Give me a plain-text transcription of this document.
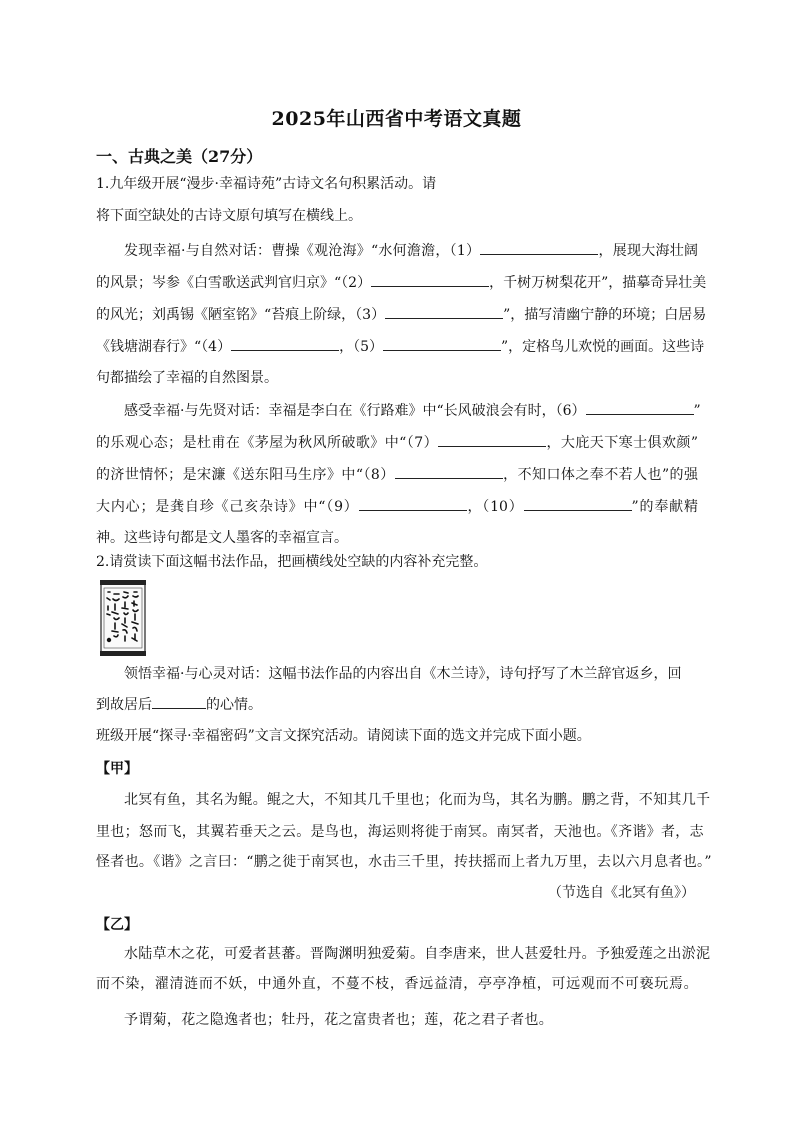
2025年山西省中考语文真题
一、古典之美（27分）
1.九年级开展“漫步·幸福诗苑”古诗文名句积累活动。请
将下面空缺处的古诗文原句填写在横线上。
发现幸福·与自然对话：曹操《观沧海》“水何澹澹，（1）	，展现大海壮阔
的风景；岑参《白雪歌送武判官归京》“（2）	，千树万树梨花开”，描摹奇异壮美
的风光；刘禹锡《陋室铭》“苔痕上阶绿，（3）	”，描写清幽宁静的环境；白居易
《钱塘湖春行》“（4）	，（5）	”，定格鸟儿欢悦的画面。这些诗
句都描绘了幸福的自然图景。
感受幸福·与先贤对话：幸福是李白在《行路难》中“长风破浪会有时，（6）	”
的乐观心态；是杜甫在《茅屋为秋风所破歌》中“（7）	，大庇天下寒士俱欢颜”
的济世情怀；是宋濂《送东阳马生序》中“（8）	，不知口体之奉不若人也”的强
大内心；是龚自珍《己亥杂诗》中“（9）	，（10）	”的奉献精
神。这些诗句都是文人墨客的幸福宣言。
2.请赏读下面这幅书法作品，把画横线处空缺的内容补充完整。
领悟幸福·与心灵对话：这幅书法作品的内容出自《木兰诗》，诗句抒写了木兰辞官返乡，回
到故居后	的心情。
班级开展“探寻·幸福密码”文言文探究活动。请阅读下面的选文并完成下面小题。
【甲】
北冥有鱼，其名为鲲。鲲之大，不知其几千里也；化而为鸟，其名为鹏。鹏之背，不知其几千
里也；怒而飞，其翼若垂天之云。是鸟也，海运则将徙于南冥。南冥者，天池也。《齐谐》者，志
怪者也。《谐》之言曰：“鹏之徙于南冥也，水击三千里，抟扶摇而上者九万里，去以六月息者也。”
（节选自《北冥有鱼》）
【乙】
水陆草木之花，可爱者甚蕃。晋陶渊明独爱菊。自李唐来，世人甚爱牡丹。予独爱莲之出淤泥
而不染，濯清涟而不妖，中通外直，不蔓不枝，香远益清，亭亭净植，可远观而不可亵玩焉。
予谓菊，花之隐逸者也；牡丹，花之富贵者也；莲，花之君子者也。
